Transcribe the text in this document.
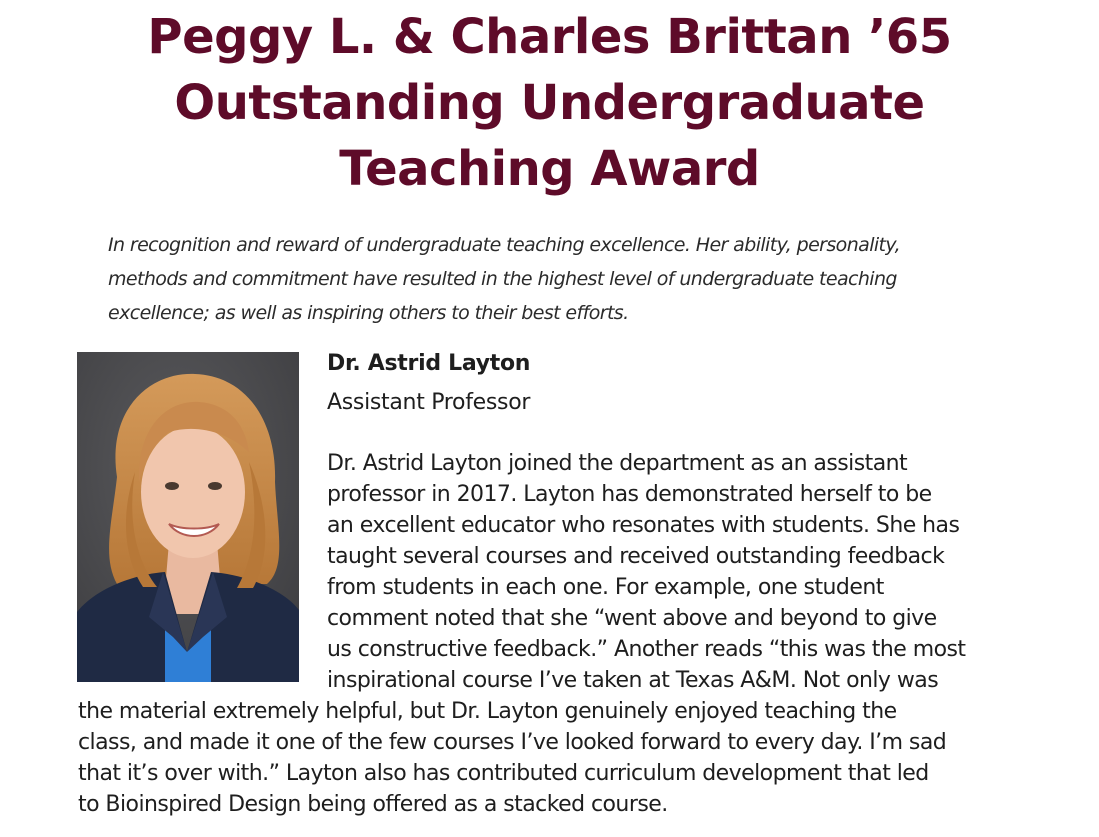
Peggy L. & Charles Brittan ’65
Outstanding Undergraduate
Teaching Award

In recognition and reward of undergraduate teaching excellence. Her ability, personality,
methods and commitment have resulted in the highest level of undergraduate teaching
excellence; as well as inspiring others to their best efforts.

Dr. Astrid Layton

Assistant Professor

Dr. Astrid Layton joined the department as an assistant
professor in 2017. Layton has demonstrated herself to be
an excellent educator who resonates with students. She has
taught several courses and received outstanding feedback
from students in each one. For example, one student
comment noted that she “went above and beyond to give
us constructive feedback.” Another reads “this was the most
inspirational course I’ve taken at Texas A&M. Not only was
the material extremely helpful, but Dr. Layton genuinely enjoyed teaching the
class, and made it one of the few courses I’ve looked forward to every day. I’m sad
that it’s over with.” Layton also has contributed curriculum development that led
to Bioinspired Design being offered as a stacked course.
